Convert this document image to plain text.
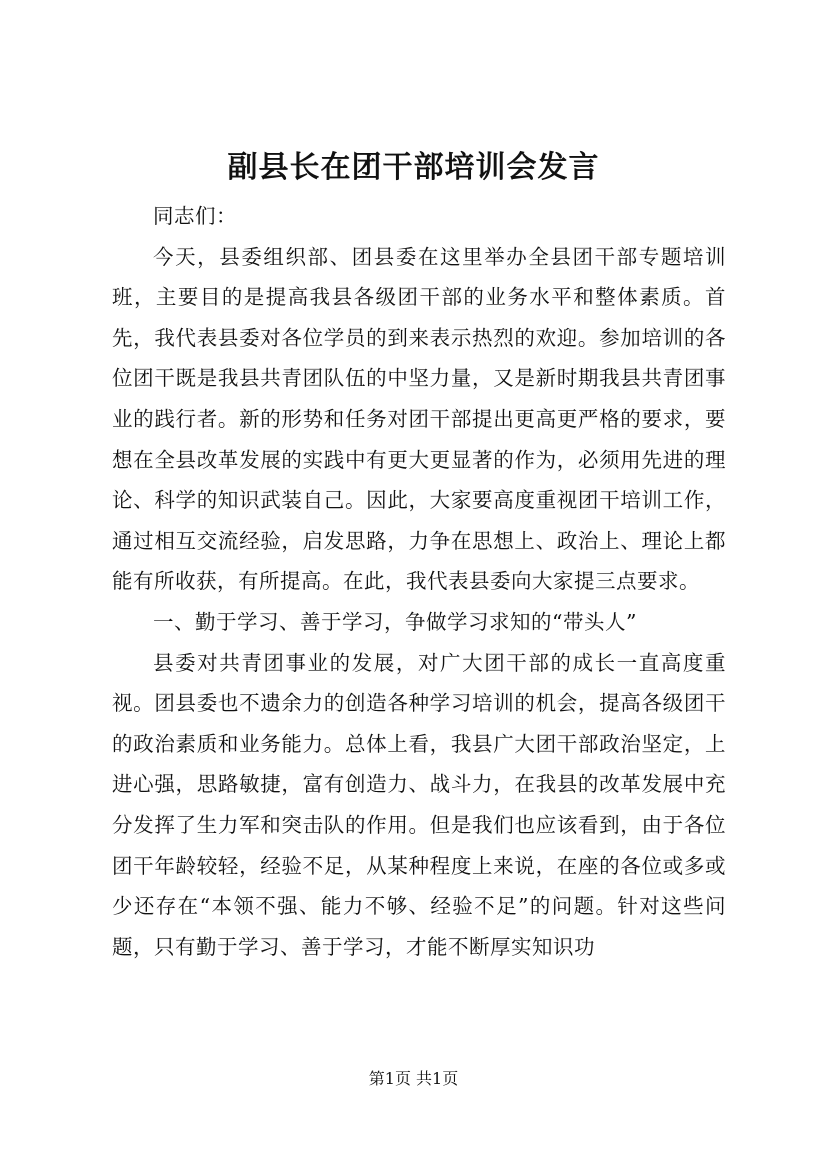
副县长在团干部培训会发言

同志们：

今天，县委组织部、团县委在这里举办全县团干部专题培训班，主要目的是提高我县各级团干部的业务水平和整体素质。首先，我代表县委对各位学员的到来表示热烈的欢迎。参加培训的各位团干既是我县共青团队伍的中坚力量，又是新时期我县共青团事业的践行者。新的形势和任务对团干部提出更高更严格的要求，要想在全县改革发展的实践中有更大更显著的作为，必须用先进的理论、科学的知识武装自己。因此，大家要高度重视团干培训工作，通过相互交流经验，启发思路，力争在思想上、政治上、理论上都能有所收获，有所提高。在此，我代表县委向大家提三点要求。

一、勤于学习、善于学习，争做学习求知的“带头人”

县委对共青团事业的发展，对广大团干部的成长一直高度重视。团县委也不遗余力的创造各种学习培训的机会，提高各级团干的政治素质和业务能力。总体上看，我县广大团干部政治坚定，上进心强，思路敏捷，富有创造力、战斗力，在我县的改革发展中充分发挥了生力军和突击队的作用。但是我们也应该看到，由于各位团干年龄较轻，经验不足，从某种程度上来说，在座的各位或多或少还存在“本领不强、能力不够、经验不足”的问题。针对这些问题，只有勤于学习、善于学习，才能不断厚实知识功

第1页 共1页
